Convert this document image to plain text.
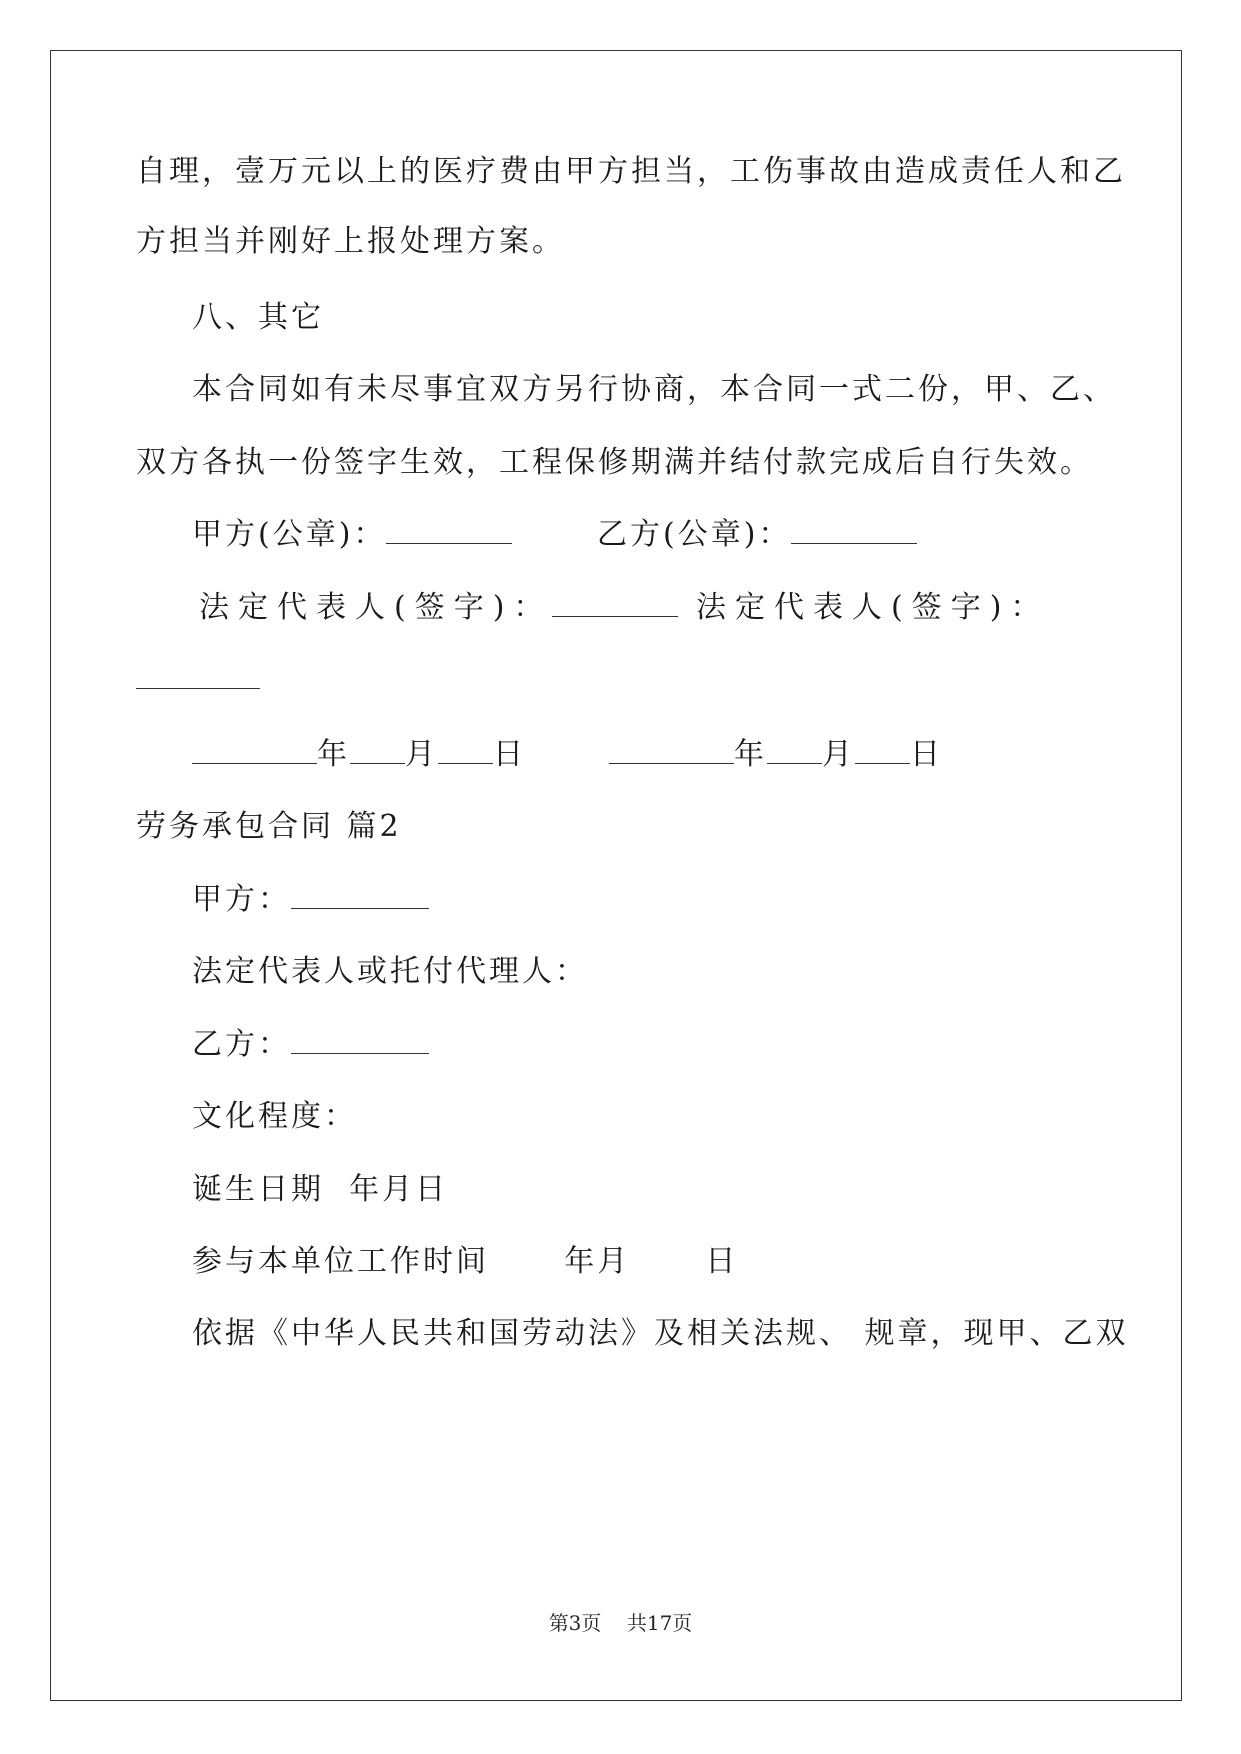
自理，壹万元以上的医疗费由甲方担当，工伤事故由造成责任人和乙
方担当并刚好上报处理方案。
八、其它
本合同如有未尽事宜双方另行协商，本合同一式二份，甲、乙、
双方各执一份签字生效，工程保修期满并结付款完成后自行失效。
甲方(公章)：	乙方(公章)：
法定代表人(签字)：	法定代表人(签字)：
年 月 日	年 月 日
劳务承包合同 篇2
甲方：
法定代表人或托付代理人：
乙方：
文化程度：
诞生日期  年月日
参与本单位工作时间      年月      日
依据《中华人民共和国劳动法》及相关法规、 规章，现甲、乙双
第3页    共17页
